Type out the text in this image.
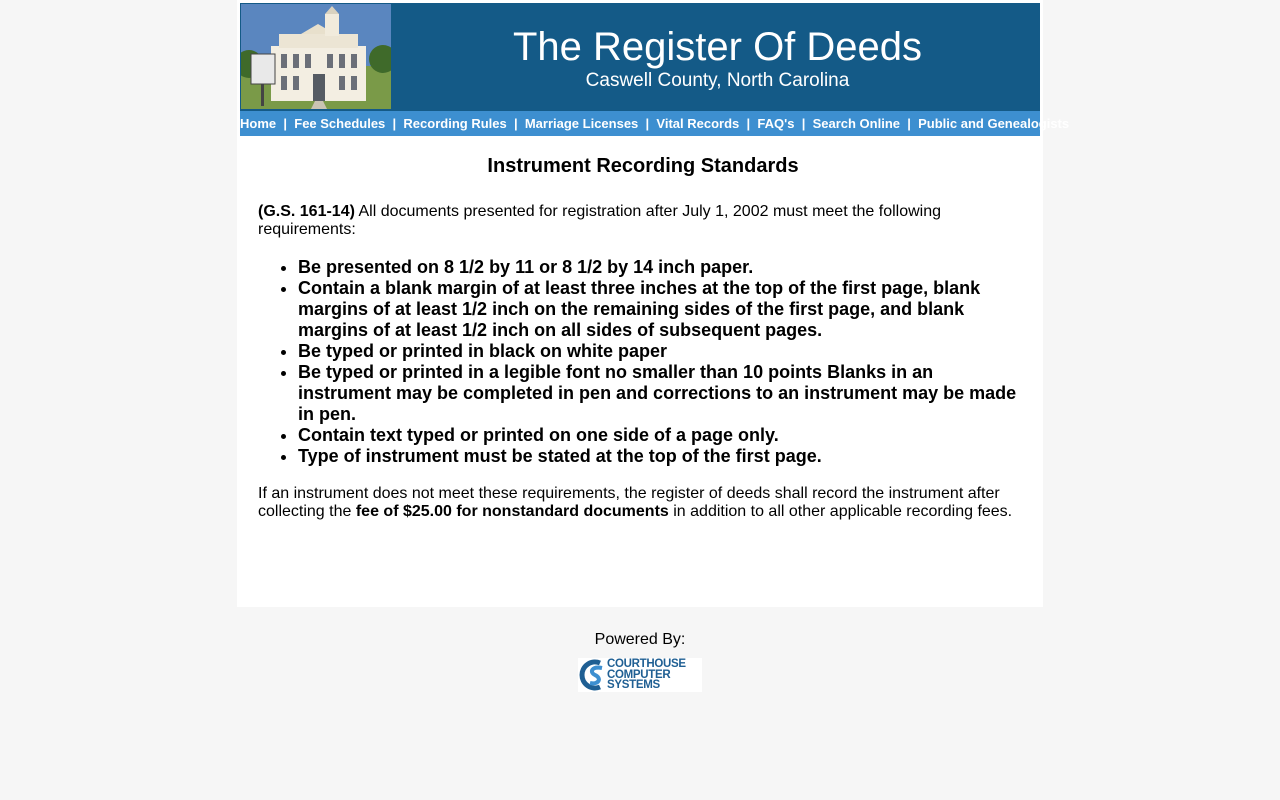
The Register Of Deeds
Caswell County, North Carolina
Home  |  Fee Schedules  |  Recording Rules  |  Marriage Licenses  |  Vital Records  |  FAQ's  |  Search Online  |  Public and Genealogists
Instrument Recording Standards

(G.S. 161-14) All documents presented for registration after July 1, 2002 must meet the following requirements:

• Be presented on 8 1/2 by 11 or 8 1/2 by 14 inch paper.
• Contain a blank margin of at least three inches at the top of the first page, blank margins of at least 1/2 inch on the remaining sides of the first page, and blank margins of at least 1/2 inch on all sides of subsequent pages.
• Be typed or printed in black on white paper
• Be typed or printed in a legible font no smaller than 10 points Blanks in an instrument may be completed in pen and corrections to an instrument may be made in pen.
• Contain text typed or printed on one side of a page only.
• Type of instrument must be stated at the top of the first page.

If an instrument does not meet these requirements, the register of deeds shall record the instrument after collecting the fee of $25.00 for nonstandard documents in addition to all other applicable recording fees.

Powered By:
COURTHOUSE
COMPUTER
SYSTEMS
